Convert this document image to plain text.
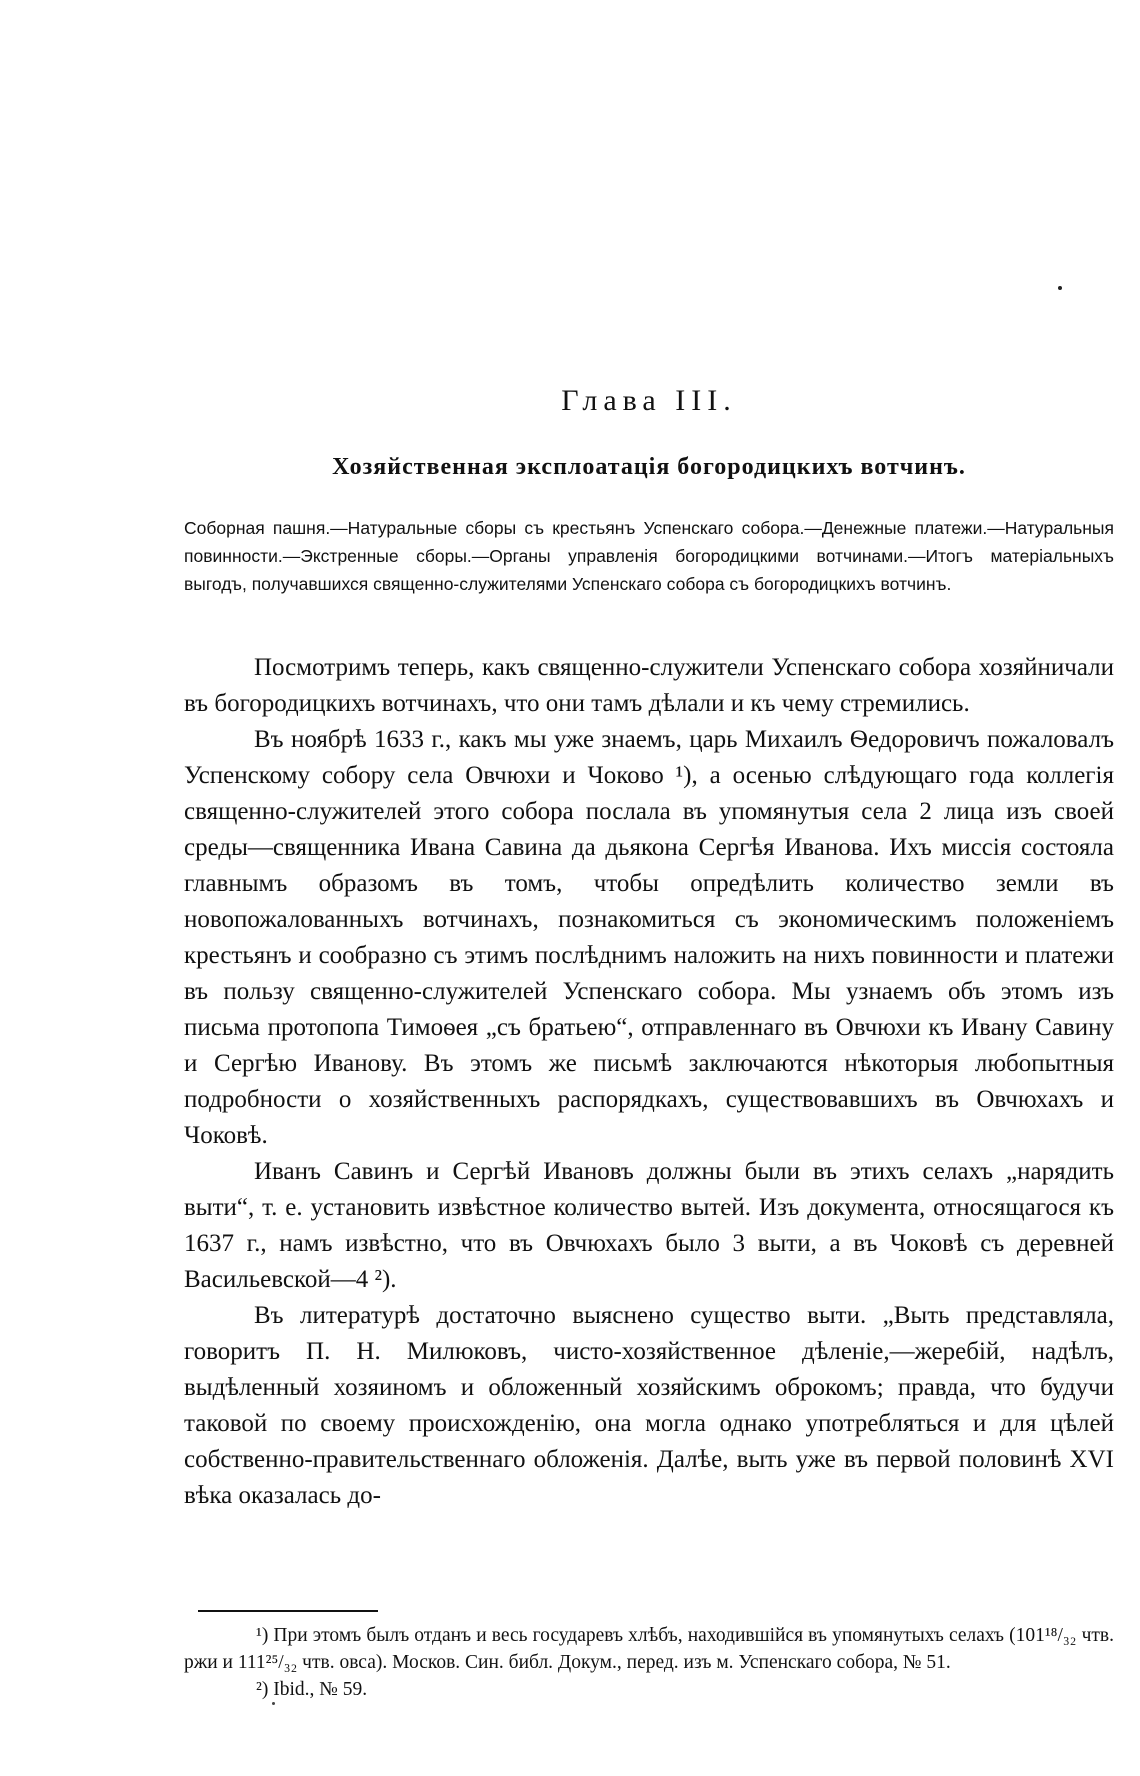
Глава III.
Хозяйственная эксплоатація богородицкихъ вотчинъ.
Соборная пашня.—Натуральные сборы съ крестьянъ Успенскаго собора.—Денежные платежи.—Натуральныя повинности.—Экстренные сборы.—Органы управленія богородицкими вотчинами.—Итогъ матеріальныхъ выгодъ, получавшихся священно-служителями Успенскаго собора съ богородицкихъ вотчинъ.

Посмотримъ теперь, какъ священно-служители Успенскаго собора хозяйничали въ богородицкихъ вотчинахъ, что они тамъ дѣлали и къ чему стремились.

Въ ноябрѣ 1633 г., какъ мы уже знаемъ, царь Михаилъ Ѳедоровичъ пожаловалъ Успенскому собору села Овчюхи и Чоково ¹), а осенью слѣдующаго года коллегія священно-служителей этого собора послала въ упомянутыя села 2 лица изъ своей среды—священника Ивана Савина да дьякона Сергѣя Иванова. Ихъ миссія состояла главнымъ образомъ въ томъ, чтобы опредѣлить количество земли въ новопожалованныхъ вотчинахъ, познакомиться съ экономическимъ положеніемъ крестьянъ и сообразно съ этимъ послѣднимъ наложить на нихъ повинности и платежи въ пользу священно-служителей Успенскаго собора. Мы узнаемъ объ этомъ изъ письма протопопа Тимоѳея „съ братьею“, отправленнаго въ Овчюхи къ Ивану Савину и Сергѣю Иванову. Въ этомъ же письмѣ заключаются нѣкоторыя любопытныя подробности о хозяйственныхъ распорядкахъ, существовавшихъ въ Овчюхахъ и Чоковѣ.

Иванъ Савинъ и Сергѣй Ивановъ должны были въ этихъ селахъ „нарядить выти“, т. е. установить извѣстное количество вытей. Изъ документа, относящагося къ 1637 г., намъ извѣстно, что въ Овчюхахъ было 3 выти, а въ Чоковѣ съ деревней Васильевской—4 ²).

Въ литературѣ достаточно выяснено существо выти. „Выть представляла, говоритъ П. Н. Милюковъ, чисто-хозяйственное дѣленіе,—жеребій, надѣлъ, выдѣленный хозяиномъ и обложенный хозяйскимъ оброкомъ; правда, что будучи таковой по своему происхожденію, она могла однако употребляться и для цѣлей собственно-правительственнаго обложенія. Далѣе, выть уже въ первой половинѣ XVI вѣка оказалась до-

¹) При этомъ былъ отданъ и весь государевъ хлѣбъ, находившійся въ упомянутыхъ селахъ (101¹⁸/₃₂ чтв. ржи и 111²⁵/₃₂ чтв. овса). Москов. Син. библ. Докум., перед. изъ м. Успенскаго собора, № 51.

²) Ibid., № 59.
